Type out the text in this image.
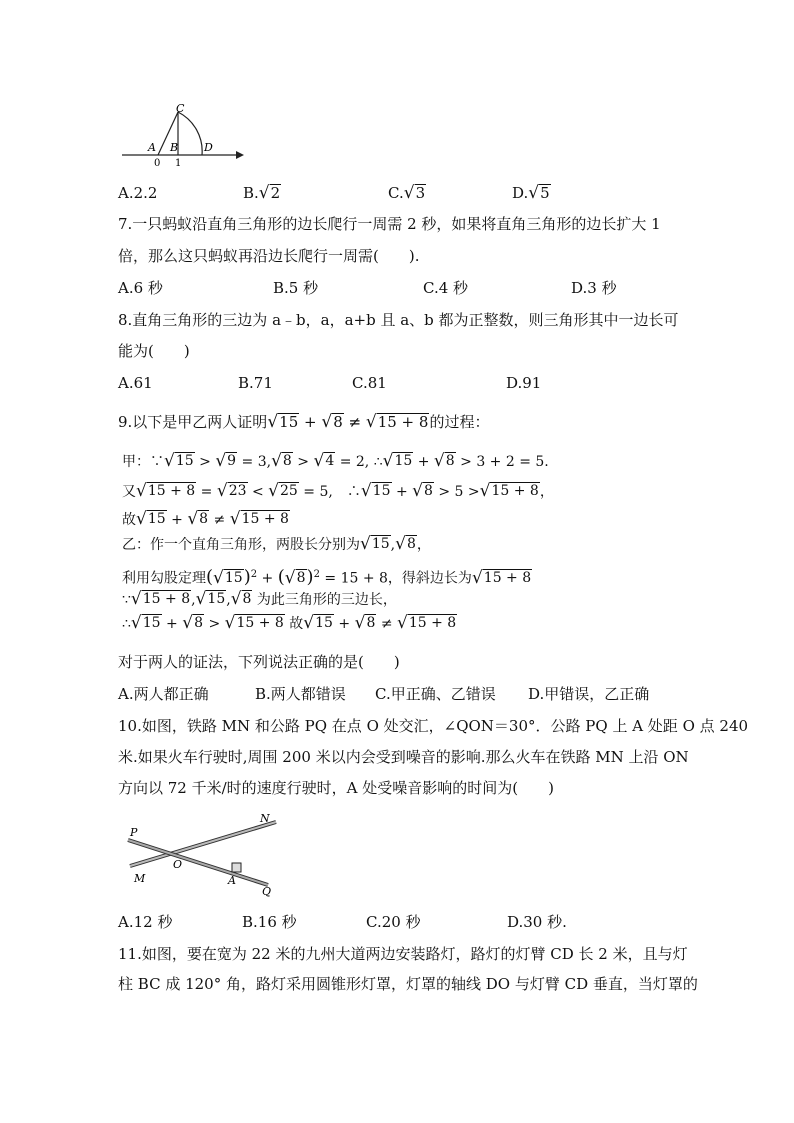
C
A B D
0 1
A.2.2	B. √ 2	C. √ 3	D. √ 5
7.一只蚂蚁沿直角三角形的边长爬行一周需 2 秒，如果将直角三角形的边长扩大 1
倍，那么这只蚂蚁再沿边长爬行一周需(　　).
A.6 秒	B.5 秒	C.4 秒	D.3 秒
8.直角三角形的三边为 a﹣b，a，a+b 且 a、b 都为正整数，则三角形其中一边长可
能为(　　)
A.61	B.71	C.81	D.91
9.以下是甲乙两人证明 √ 15 + √ 8 ≠ √ 15 + 8 的过程：
甲：∵ √ 15 > √ 9 = 3, √ 8 > √ 4 = 2, ∴ √ 15 + √ 8 > 3 + 2 = 5.
又 √ 15 + 8 = √ 23 < √ 25 = 5,　∴ √ 15 + √ 8 > 5 > √ 15 + 8 ，
故 √ 15 + √ 8 ≠ √ 15 + 8
乙：作一个直角三角形，两股长分别为 √ 15 , √ 8 ，
利用勾股定理( √ 15 )$^2$ + ( √ 8 )$^2$ = 15 + 8，得斜边长为 √ 15 + 8
∵ √ 15 + 8 , √ 15 , √ 8 为此三角形的三边长，
∴ √ 15 + √ 8 > √ 15 + 8 故 √ 15 + √ 8 ≠ √ 15 + 8
对于两人的证法，下列说法正确的是(　　)
A.两人都正确	B.两人都错误 C.甲正确、乙错误 D.甲错误，乙正确
10.如图，铁路 MN 和公路 PQ 在点 O 处交汇，∠QON＝30°．公路 PQ 上 A 处距 O 点 240
米.如果火车行驶时,周围 200 米以内会受到噪音的影响.那么火车在铁路 MN 上沿 ON
方向以 72 千米/时的速度行驶时，A 处受噪音影响的时间为(　　)
P
N
M
O
A
Q
A.12 秒	B.16 秒	C.20 秒	D.30 秒.
11.如图，要在宽为 22 米的九州大道两边安装路灯，路灯的灯臂 CD 长 2 米，且与灯
柱 BC 成 120° 角，路灯采用圆锥形灯罩，灯罩的轴线 DO 与灯臂 CD 垂直，当灯罩的
